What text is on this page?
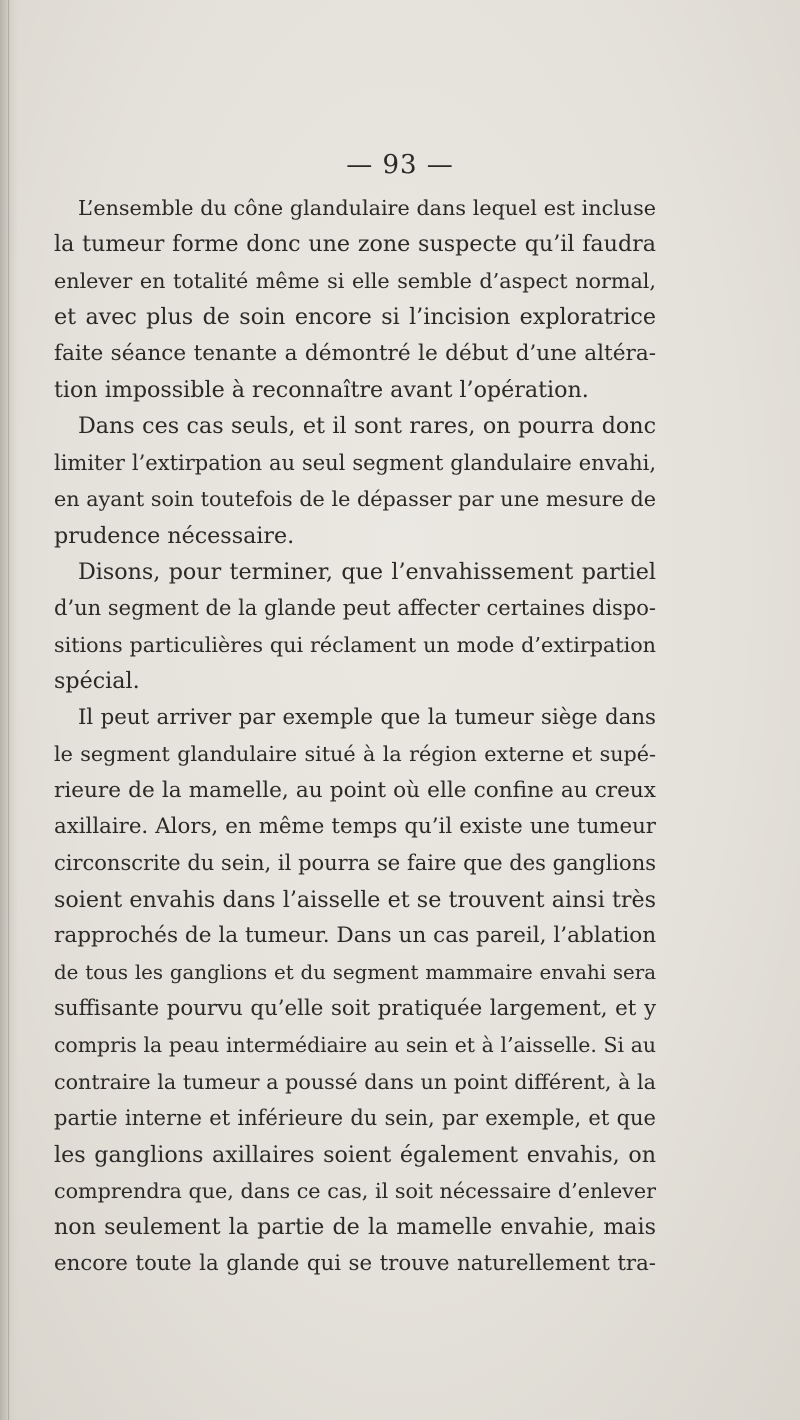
— 93 —

L’ensemble du cône glandulaire dans lequel est incluse
la tumeur forme donc une zone suspecte qu’il faudra
enlever en totalité même si elle semble d’aspect normal,
et avec plus de soin encore si l’incision exploratrice
faite séance tenante a démontré le début d’une altéra-
tion impossible à reconnaître avant l’opération.

Dans ces cas seuls, et il sont rares, on pourra donc
limiter l’extirpation au seul segment glandulaire envahi,
en ayant soin toutefois de le dépasser par une mesure de
prudence nécessaire.

Disons, pour terminer, que l’envahissement partiel
d’un segment de la glande peut affecter certaines dispo-
sitions particulières qui réclament un mode d’extirpation
spécial.

Il peut arriver par exemple que la tumeur siège dans
le segment glandulaire situé à la région externe et supé-
rieure de la mamelle, au point où elle confine au creux
axillaire. Alors, en même temps qu’il existe une tumeur
circonscrite du sein, il pourra se faire que des ganglions
soient envahis dans l’aisselle et se trouvent ainsi très
rapprochés de la tumeur. Dans un cas pareil, l’ablation
de tous les ganglions et du segment mammaire envahi sera
suffisante pourvu qu’elle soit pratiquée largement, et y
compris la peau intermédiaire au sein et à l’aisselle. Si au
contraire la tumeur a poussé dans un point différent, à la
partie interne et inférieure du sein, par exemple, et que
les ganglions axillaires soient également envahis, on
comprendra que, dans ce cas, il soit nécessaire d’enlever
non seulement la partie de la mamelle envahie, mais
encore toute la glande qui se trouve naturellement tra-
